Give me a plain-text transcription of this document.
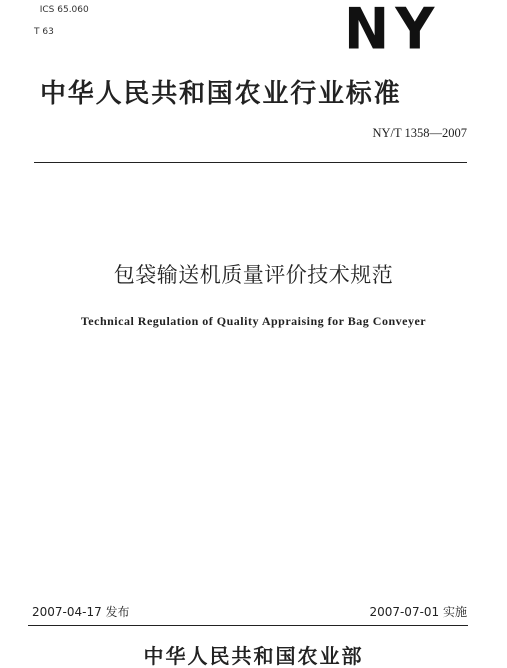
ICS 65.060

T 63	NY
中华人民共和国农业行业标准
NY/T 1358—2007
包袋输送机质量评价技术规范
Technical Regulation of Quality Appraising for Bag Conveyer
2007-04-17 发布	2007-07-01 实施
中华人民共和国农业部
